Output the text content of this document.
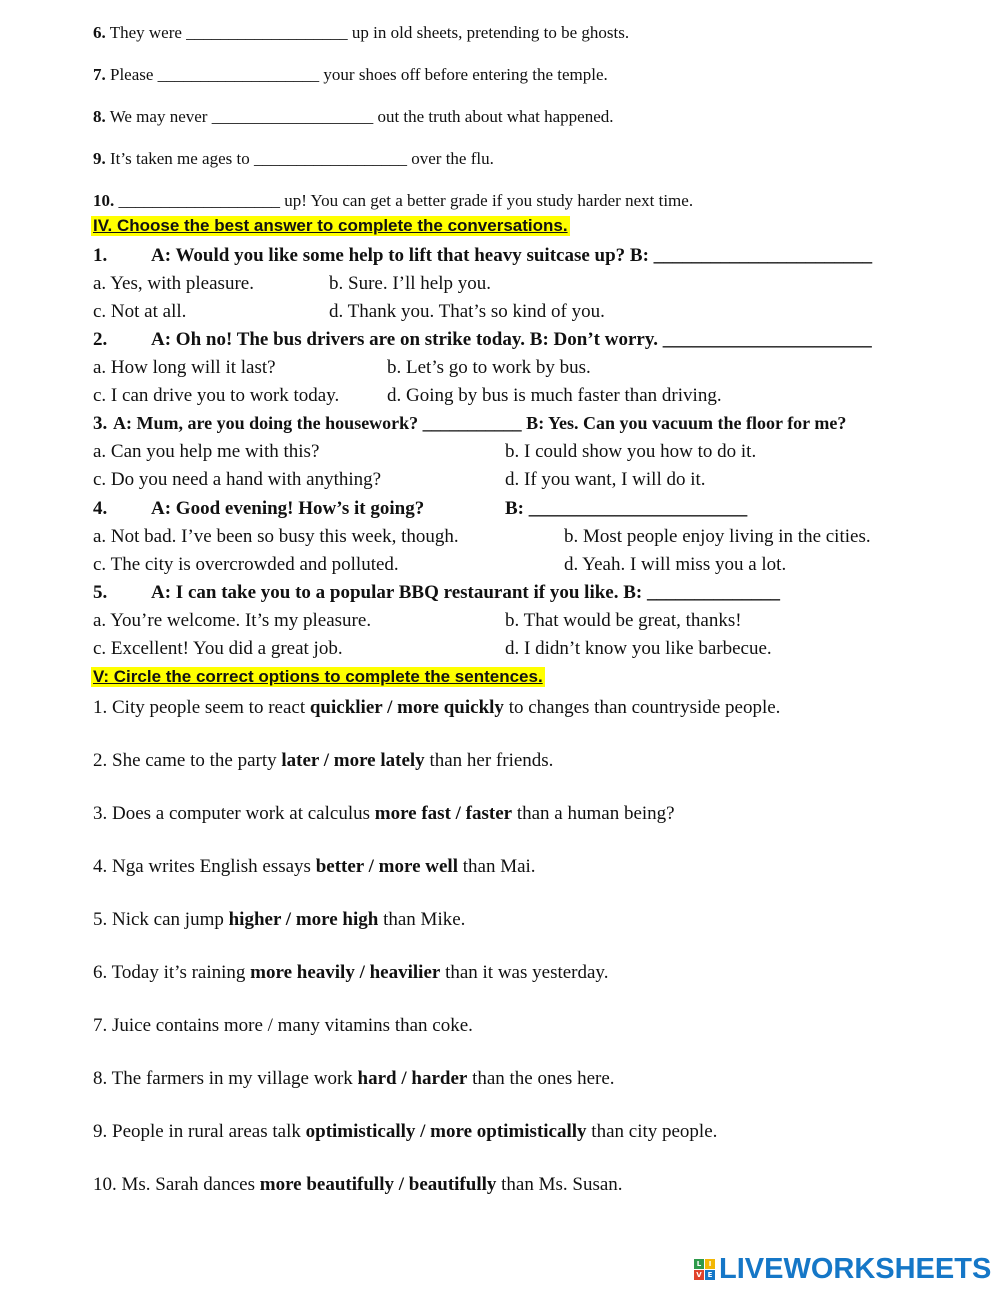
6. They were ___________________ up in old sheets, pretending to be ghosts.
7. Please ___________________ your shoes off before entering the temple.
8. We may never ___________________ out the truth about what happened.
9. It’s taken me ages to __________________ over the flu.
10. ___________________ up! You can get a better grade if you study harder next time.
IV. Choose the best answer to complete the conversations.
1. A: Would you like some help to lift that heavy suitcase up? B: _______________________
a. Yes, with pleasure.	b. Sure. I’ll help you.
c. Not at all.	d. Thank you. That’s so kind of you.
2. A: Oh no! The bus drivers are on strike today. B: Don’t worry. ______________________
a. How long will it last?	b. Let’s go to work by bus.
c. I can drive you to work today.	d. Going by bus is much faster than driving.
3. A: Mum, are you doing the housework? ___________ B: Yes. Can you vacuum the floor for me?
a. Can you help me with this?	b. I could show you how to do it.
c. Do you need a hand with anything?	d. If you want, I will do it.
4. A: Good evening! How’s it going?	B: _______________________
a. Not bad. I’ve been so busy this week, though.	b. Most people enjoy living in the cities.
c. The city is overcrowded and polluted.	d. Yeah. I will miss you a lot.
5. A: I can take you to a popular BBQ restaurant if you like. B: ______________
a. You’re welcome. It’s my pleasure.	b. That would be great, thanks!
c. Excellent! You did a great job.	d. I didn’t know you like barbecue.
V: Circle the correct options to complete the sentences.
1. City people seem to react quicklier / more quickly to changes than countryside people.
2. She came to the party later / more lately than her friends.
3. Does a computer work at calculus more fast / faster than a human being?
4. Nga writes English essays better / more well than Mai.
5. Nick can jump higher / more high than Mike.
6. Today it’s raining more heavily / heavilier than it was yesterday.
7. Juice contains more / many vitamins than coke.
8. The farmers in my village work hard / harder than the ones here.
9. People in rural areas talk optimistically / more optimistically than city people.
10. Ms. Sarah dances more beautifully / beautifully than Ms. Susan.
L	I
V E LIVEWORKSHEETS
